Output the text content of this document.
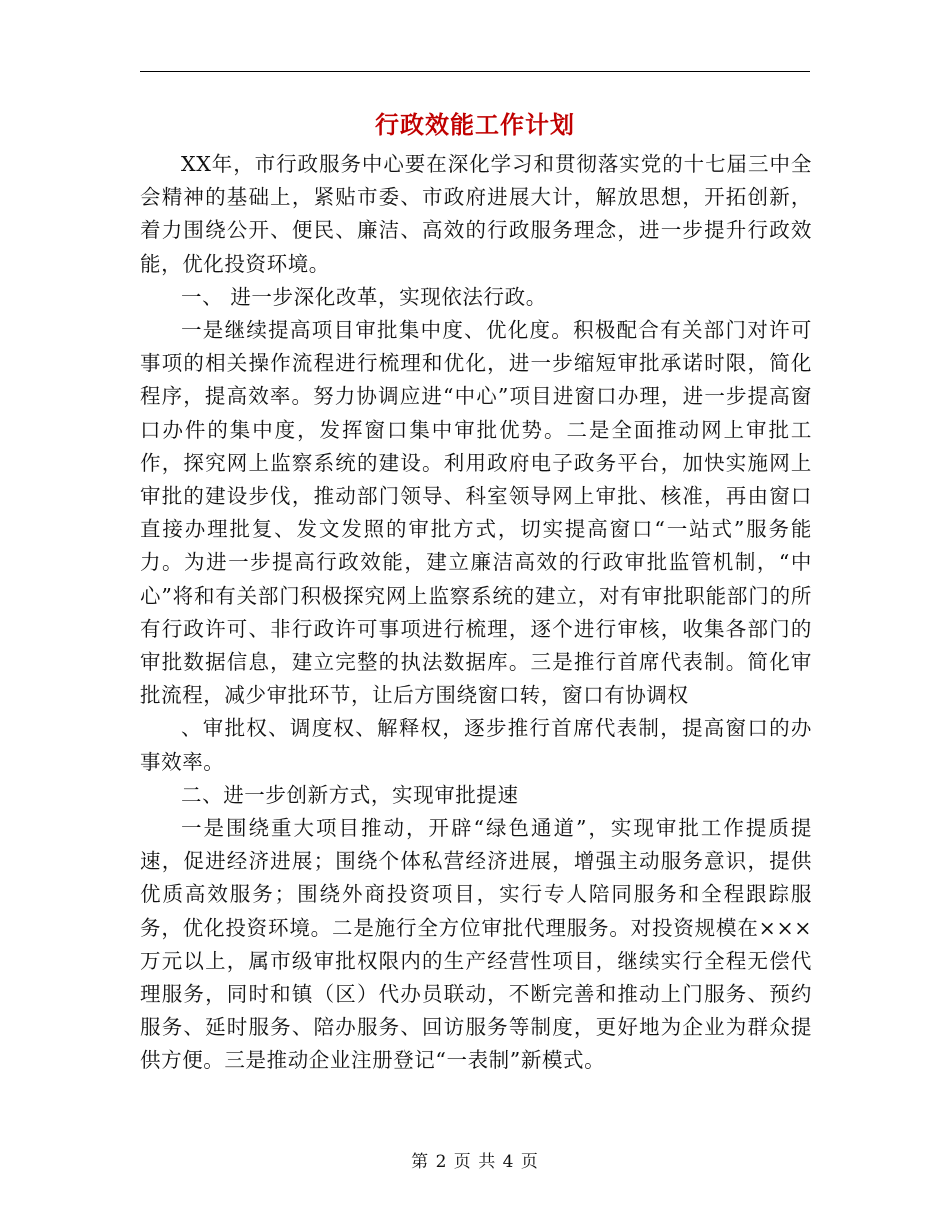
行政效能工作计划

XX年，市行政服务中心要在深化学习和贯彻落实党的十七届三中全会精神的基础上，紧贴市委、市政府进展大计，解放思想，开拓创新，着力围绕公开、便民、廉洁、高效的行政服务理念，进一步提升行政效能，优化投资环境。

一、 进一步深化改革，实现依法行政。

一是继续提高项目审批集中度、优化度。积极配合有关部门对许可事项的相关操作流程进行梳理和优化，进一步缩短审批承诺时限，简化程序，提高效率。努力协调应进“中心”项目进窗口办理，进一步提高窗口办件的集中度，发挥窗口集中审批优势。二是全面推动网上审批工作，探究网上监察系统的建设。利用政府电子政务平台，加快实施网上审批的建设步伐，推动部门领导、科室领导网上审批、核准，再由窗口直接办理批复、发文发照的审批方式，切实提高窗口“一站式”服务能力。为进一步提高行政效能，建立廉洁高效的行政审批监管机制，“中心”将和有关部门积极探究网上监察系统的建立，对有审批职能部门的所有行政许可、非行政许可事项进行梳理，逐个进行审核，收集各部门的审批数据信息，建立完整的执法数据库。三是推行首席代表制。简化审批流程，减少审批环节，让后方围绕窗口转，窗口有协调权

、审批权、调度权、解释权，逐步推行首席代表制，提高窗口的办事效率。

二、进一步创新方式，实现审批提速

一是围绕重大项目推动，开辟“绿色通道”，实现审批工作提质提速，促进经济进展；围绕个体私营经济进展，增强主动服务意识，提供优质高效服务；围绕外商投资项目，实行专人陪同服务和全程跟踪服务，优化投资环境。二是施行全方位审批代理服务。对投资规模在×××万元以上，属市级审批权限内的生产经营性项目，继续实行全程无偿代理服务，同时和镇（区）代办员联动，不断完善和推动上门服务、预约服务、延时服务、陪办服务、回访服务等制度，更好地为企业为群众提供方便。三是推动企业注册登记“一表制”新模式。

第 2 页 共 4 页
